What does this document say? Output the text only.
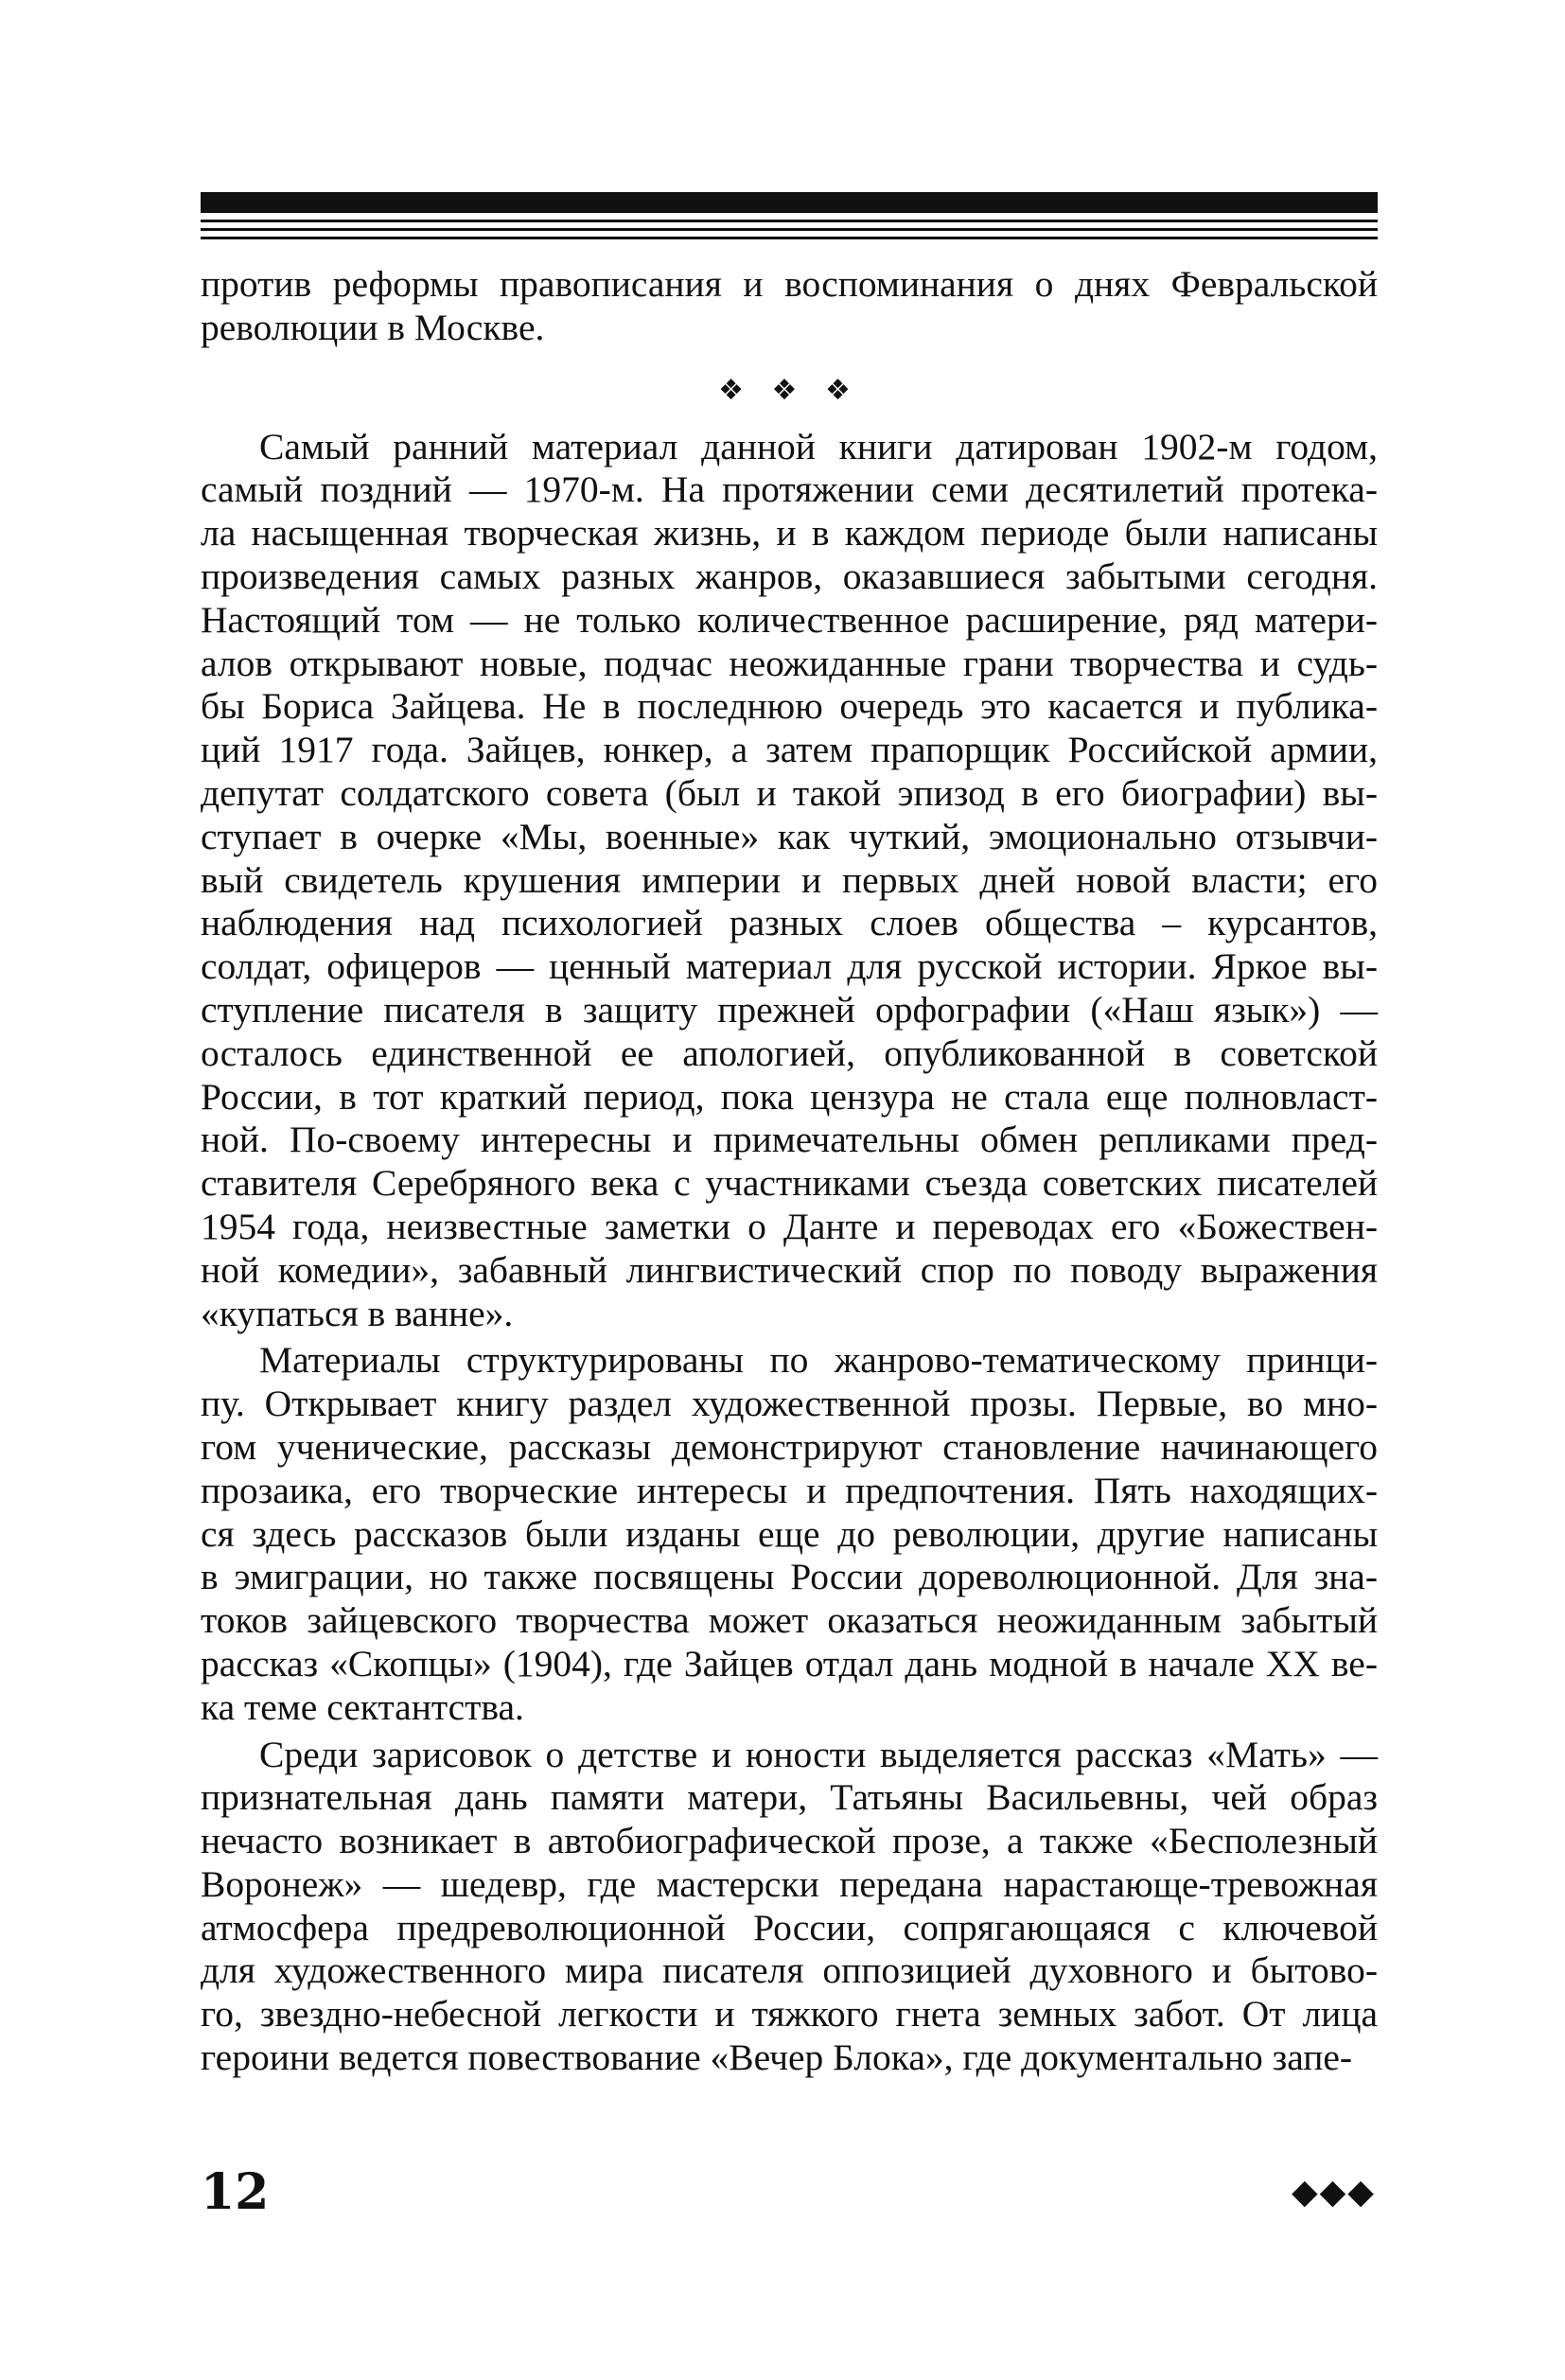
против реформы правописания и воспоминания о днях Февральской
революции в Москве.

❖ ❖ ❖

Самый ранний материал данной книги датирован 1902-м годом,
самый поздний — 1970-м. На протяжении семи десятилетий протека-
ла насыщенная творческая жизнь, и в каждом периоде были написаны
произведения самых разных жанров, оказавшиеся забытыми сегодня.
Настоящий том — не только количественное расширение, ряд матери-
алов открывают новые, подчас неожиданные грани творчества и судь-
бы Бориса Зайцева. Не в последнюю очередь это касается и публика-
ций 1917 года. Зайцев, юнкер, а затем прапорщик Российской армии,
депутат солдатского совета (был и такой эпизод в его биографии) вы-
ступает в очерке «Мы, военные» как чуткий, эмоционально отзывчи-
вый свидетель крушения империи и первых дней новой власти; его
наблюдения над психологией разных слоев общества – курсантов,
солдат, офицеров — ценный материал для русской истории. Яркое вы-
ступление писателя в защиту прежней орфографии («Наш язык») —
осталось единственной ее апологией, опубликованной в советской
России, в тот краткий период, пока цензура не стала еще полновласт-
ной. По-своему интересны и примечательны обмен репликами пред-
ставителя Серебряного века с участниками съезда советских писателей
1954 года, неизвестные заметки о Данте и переводах его «Божествен-
ной комедии», забавный лингвистический спор по поводу выражения
«купаться в ванне».

Материалы структурированы по жанрово-тематическому принци-
пу. Открывает книгу раздел художественной прозы. Первые, во мно-
гом ученические, рассказы демонстрируют становление начинающего
прозаика, его творческие интересы и предпочтения. Пять находящих-
ся здесь рассказов были изданы еще до революции, другие написаны
в эмиграции, но также посвящены России дореволюционной. Для зна-
токов зайцевского творчества может оказаться неожиданным забытый
рассказ «Скопцы» (1904), где Зайцев отдал дань модной в начале XX ве-
ка теме сектантства.

Среди зарисовок о детстве и юности выделяется рассказ «Мать» —
признательная дань памяти матери, Татьяны Васильевны, чей образ
нечасто возникает в автобиографической прозе, а также «Бесполезный
Воронеж» — шедевр, где мастерски передана нарастающе-тревожная
атмосфера предреволюционной России, сопрягающаяся с ключевой
для художественного мира писателя оппозицией духовного и бытово-
го, звездно-небесной легкости и тяжкого гнета земных забот. От лица
героини ведется повествование «Вечер Блока», где документально запе-

12	◆◆◆
